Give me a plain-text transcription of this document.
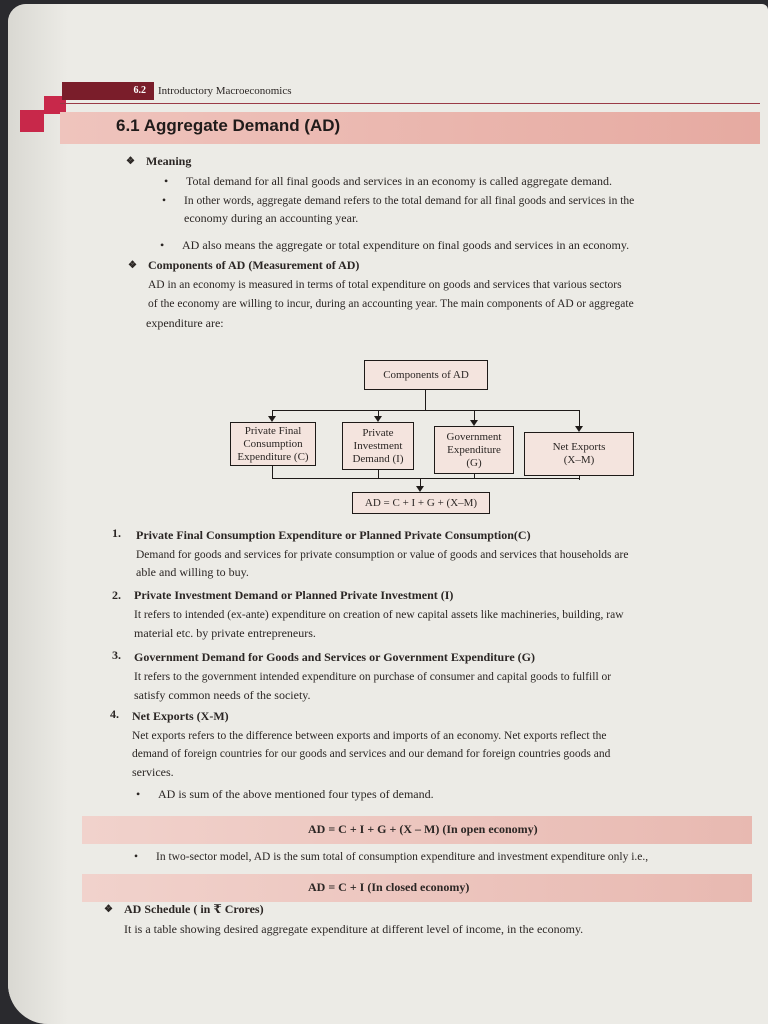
6.2	Introductory Macroeconomics
6.1 Aggregate Demand (AD)
❖ Meaning
• Total demand for all final goods and services in an economy is called aggregate demand.
• In other words, aggregate demand refers to the total demand for all final goods and services in the
economy during an accounting year.
• AD also means the aggregate or total expenditure on final goods and services in an economy.
❖ Components of AD (Measurement of AD)
AD in an economy is measured in terms of total expenditure on goods and services that various sectors
of the economy are willing to incur, during an accounting year. The main components of AD or aggregate
expenditure are:
Components of AD
Private Final
Consumption
Expenditure (C)
Private
Investment
Demand (I)
Government
Expenditure
(G)
Net Exports
(X–M)
AD = C + I + G + (X–M)
1. Private Final Consumption Expenditure or Planned Private Consumption(C)
Demand for goods and services for private consumption or value of goods and services that households are
able and willing to buy.
2. Private Investment Demand or Planned Private Investment (I)
It refers to intended (ex-ante) expenditure on creation of new capital assets like machineries, building, raw
material etc. by private entrepreneurs.
3. Government Demand for Goods and Services or Government Expenditure (G)
It refers to the government intended expenditure on purchase of consumer and capital goods to fulfill or
satisfy common needs of the society.
4. Net Exports (X-M)
Net exports refers to the difference between exports and imports of an economy. Net exports reflect the
demand of foreign countries for our goods and services and our demand for foreign countries goods and
services.
• AD is sum of the above mentioned four types of demand.
AD = C + I + G + (X – M) (In open economy)
• In two-sector model, AD is the sum total of consumption expenditure and investment expenditure only i.e.,
AD = C + I (In closed economy)
❖ AD Schedule ( in ₹ Crores)
It is a table showing desired aggregate expenditure at different level of income, in the economy.
